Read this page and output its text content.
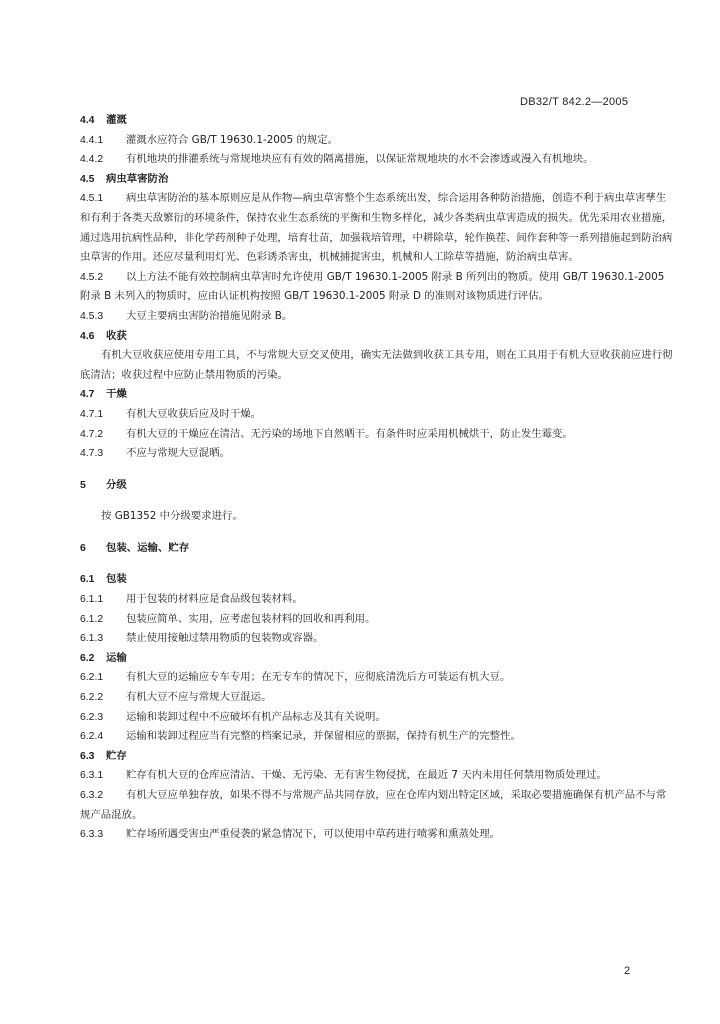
DB32/T 842.2—2005

4.4 灌溉

4.4.1 灌溉水应符合 GB/T 19630.1-2005 的规定。

4.4.2 有机地块的排灌系统与常规地块应有有效的隔离措施，以保证常规地块的水不会渗透或漫入有机地块。

4.5 病虫草害防治

4.5.1 病虫草害防治的基本原则应是从作物—病虫草害整个生态系统出发，综合运用各种防治措施，创造不利于病虫草害孳生和有利于各类天敌繁衍的环境条件，保持农业生态系统的平衡和生物多样化，减少各类病虫草害造成的损失。优先采用农业措施，通过选用抗病性品种，非化学药剂种子处理，培育壮苗，加强栽培管理，中耕除草，轮作换茬、间作套种等一系列措施起到防治病虫草害的作用。还应尽量利用灯光、色彩诱杀害虫，机械捕捉害虫，机械和人工除草等措施，防治病虫草害。

4.5.2 以上方法不能有效控制病虫草害时允许使用 GB/T 19630.1-2005 附录 B 所列出的物质。使用 GB/T 19630.1-2005 附录 B 未列入的物质时，应由认证机构按照 GB/T 19630.1-2005 附录 D 的准则对该物质进行评估。

4.5.3 大豆主要病虫害防治措施见附录 B。

4.6 收获

有机大豆收获应使用专用工具，不与常规大豆交叉使用，确实无法做到收获工具专用，则在工具用于有机大豆收获前应进行彻底清洁；收获过程中应防止禁用物质的污染。

4.7 干燥

4.7.1 有机大豆收获后应及时干燥。

4.7.2 有机大豆的干燥应在清洁、无污染的场地下自然晒干。有条件时应采用机械烘干，防止发生霉变。

4.7.3 不应与常规大豆混晒。

5 分级

按 GB1352 中分级要求进行。

6 包装、运输、贮存

6.1 包装

6.1.1 用于包装的材料应是食品级包装材料。

6.1.2 包装应简单、实用，应考虑包装材料的回收和再利用。

6.1.3 禁止使用接触过禁用物质的包装物或容器。

6.2 运输

6.2.1 有机大豆的运输应专车专用；在无专车的情况下，应彻底清洗后方可装运有机大豆。

6.2.2 有机大豆不应与常规大豆混运。

6.2.3 运输和装卸过程中不应破坏有机产品标志及其有关说明。

6.2.4 运输和装卸过程应当有完整的档案记录，并保留相应的票据，保持有机生产的完整性。

6.3 贮存

6.3.1 贮存有机大豆的仓库应清洁、干燥、无污染、无有害生物侵扰，在最近 7 天内未用任何禁用物质处理过。

6.3.2 有机大豆应单独存放，如果不得不与常规产品共同存放，应在仓库内划出特定区域，采取必要措施确保有机产品不与常规产品混放。

6.3.3 贮存场所遇受害虫严重侵袭的紧急情况下，可以使用中草药进行喷雾和熏蒸处理。

2
